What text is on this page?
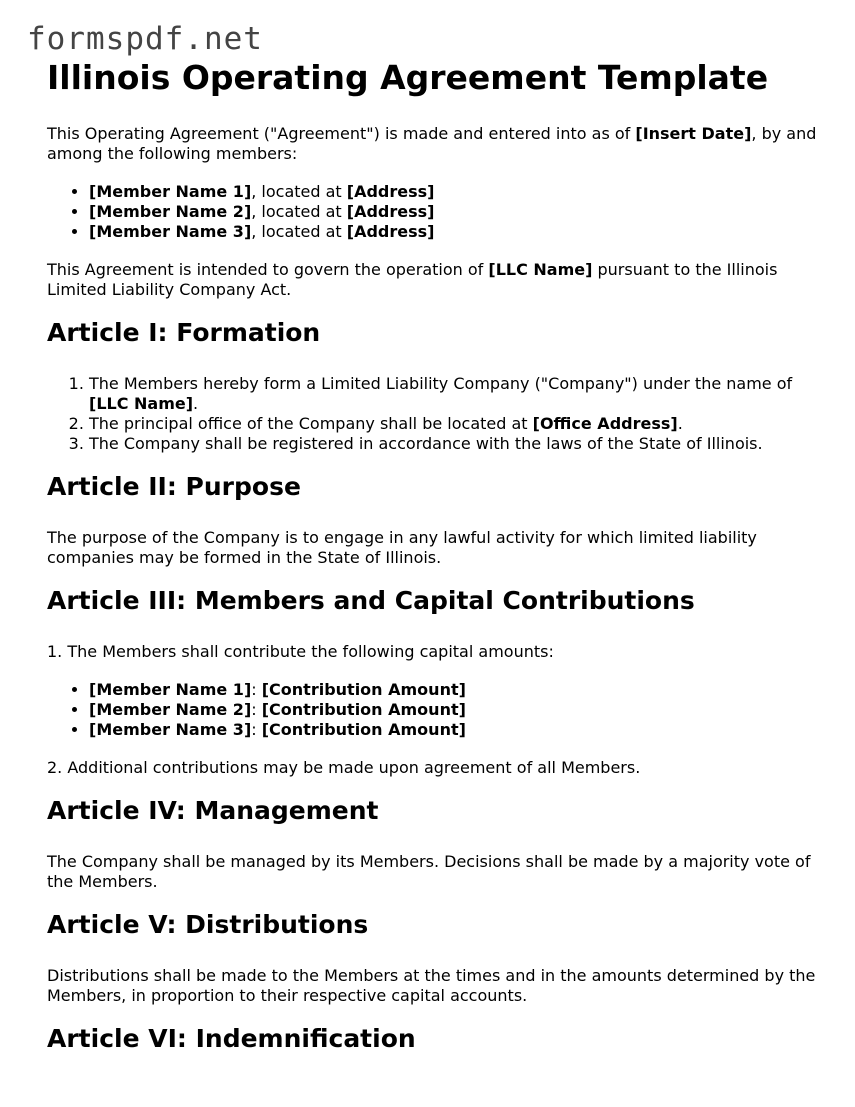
formspdf.net
Illinois Operating Agreement Template

This Operating Agreement ("Agreement") is made and entered into as of [Insert Date], by and among the following members:

• [Member Name 1], located at [Address]
• [Member Name 2], located at [Address]
• [Member Name 3], located at [Address]

This Agreement is intended to govern the operation of [LLC Name] pursuant to the Illinois Limited Liability Company Act.

Article I: Formation
1. The Members hereby form a Limited Liability Company ("Company") under the name of [LLC Name].
2. The principal office of the Company shall be located at [Office Address].
3. The Company shall be registered in accordance with the laws of the State of Illinois.
Article II: Purpose

The purpose of the Company is to engage in any lawful activity for which limited liability companies may be formed in the State of Illinois.

Article III: Members and Capital Contributions

1. The Members shall contribute the following capital amounts:

• [Member Name 1]: [Contribution Amount]
• [Member Name 2]: [Contribution Amount]
• [Member Name 3]: [Contribution Amount]

2. Additional contributions may be made upon agreement of all Members.

Article IV: Management

The Company shall be managed by its Members. Decisions shall be made by a majority vote of the Members.

Article V: Distributions

Distributions shall be made to the Members at the times and in the amounts determined by the Members, in proportion to their respective capital accounts.

Article VI: Indemnification
